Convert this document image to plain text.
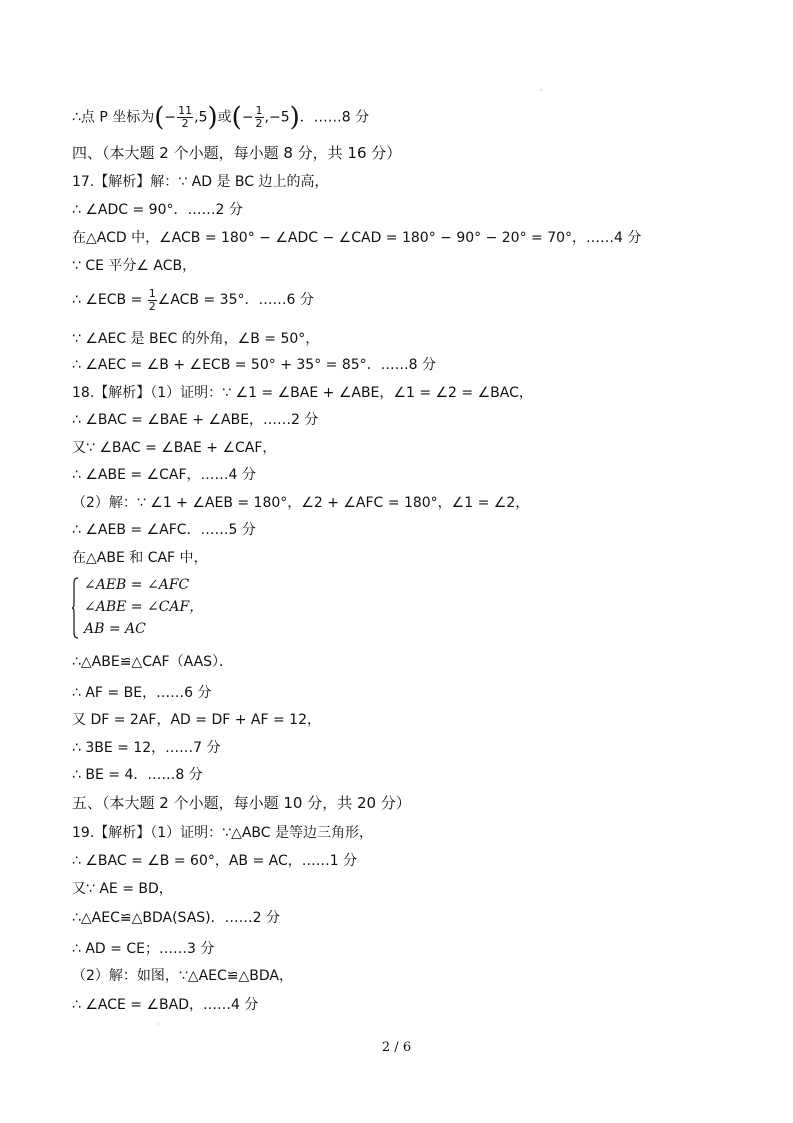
∴点 P 坐标为(− $\frac{11}{2} ,5$)或(− $\frac{1}{2} ,-5$)．……8 分
四、（本大题 2 个小题，每小题 8 分，共 16 分）
17.【解析】解：∵ AD 是 BC 边上的高，
∴ ∠ADC = 90°．……2 分
在△ACD 中，∠ACB = 180° − ∠ADC − ∠CAD = 180° − 90° − 20° = 70°，……4 分
∵ CE 平分∠ ACB，
∴ ∠ECB = $\frac{1}{2}$ ∠ACB = 35°．……6 分
∵ ∠AEC 是 BEC 的外角，∠B = 50°，
∴ ∠AEC = ∠B + ∠ECB = 50° + 35° = 85°．……8 分
18.【解析】（1）证明：∵ ∠1 = ∠BAE + ∠ABE，∠1 = ∠2 = ∠BAC，
∴ ∠BAC = ∠BAE + ∠ABE，……2 分
又∵ ∠BAC = ∠BAE + ∠CAF，
∴ ∠ABE = ∠CAF，……4 分
（2）解：∵ ∠1 + ∠AEB = 180°，∠2 + ∠AFC = 180°，∠1 = ∠2，
∴ ∠AEB = ∠AFC．……5 分
在△ABE 和 CAF 中，
∠AEB = ∠AFC
∠ABE = ∠CAF，
AB = AC
∴△ABE≌△CAF（AAS）．
∴ AF = BE，……6 分
又 DF = 2AF，AD = DF + AF = 12，
∴ 3BE = 12，……7 分
∴ BE = 4．……8 分
五、（本大题 2 个小题，每小题 10 分，共 20 分）
19.【解析】（1）证明：∵△ABC 是等边三角形，
∴ ∠BAC = ∠B = 60°，AB = AC，……1 分
又∵ AE = BD，
∴△AEC≌△BDA(SAS)．……2 分
∴ AD = CE；……3 分
（2）解：如图，∵△AEC≌△BDA，
∴ ∠ACE = ∠BAD，……4 分
·
·
2 / 6
